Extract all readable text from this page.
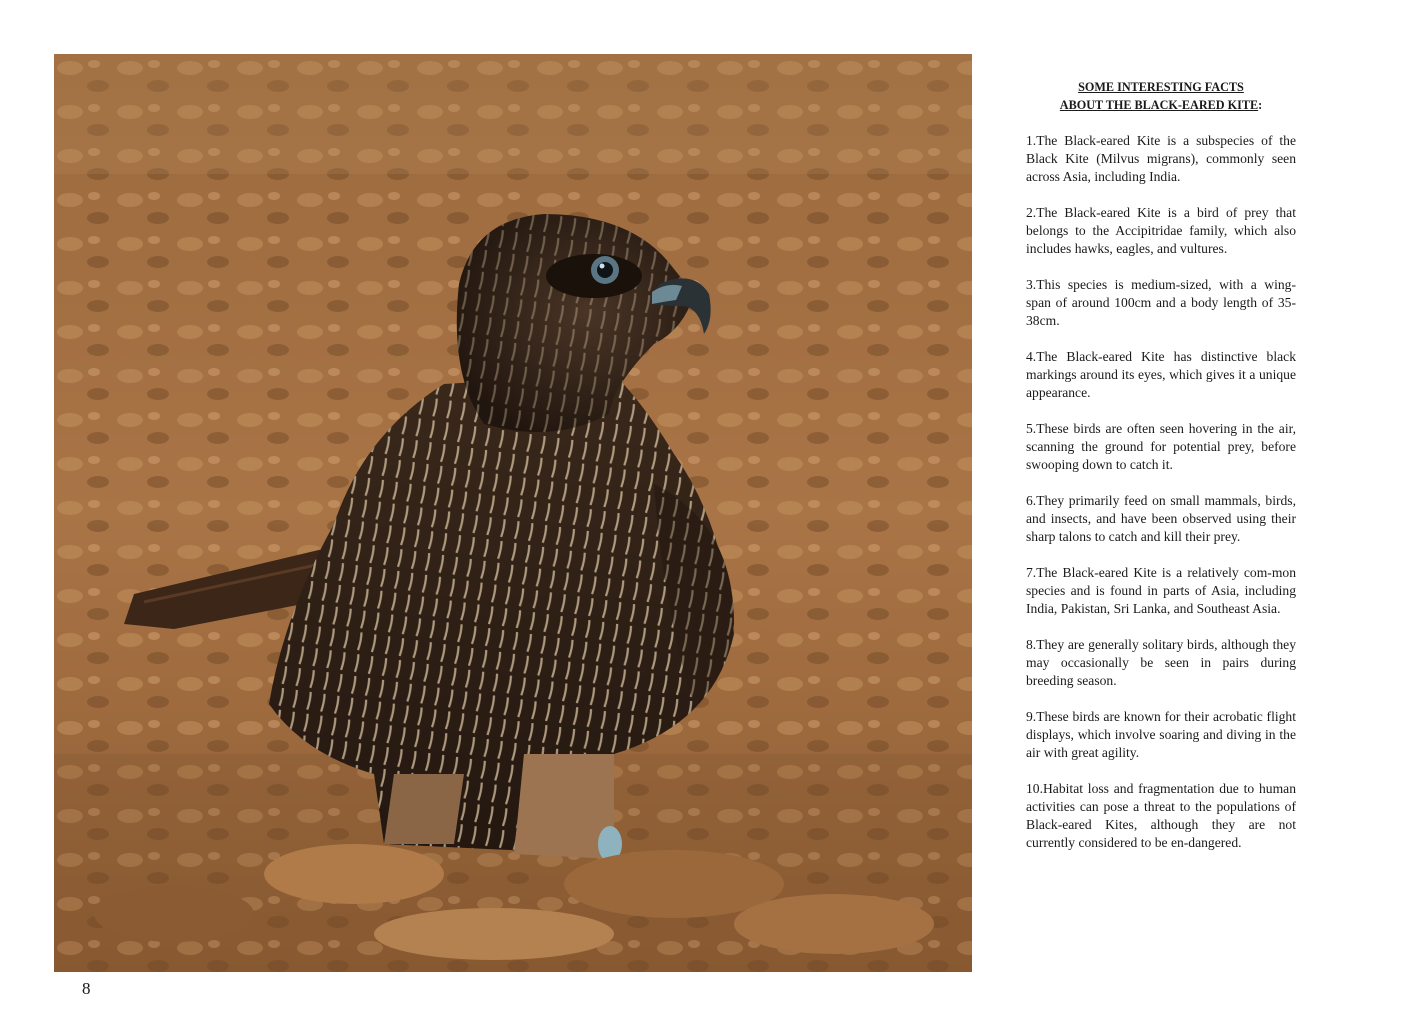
SOME INTERESTING FACTS
ABOUT THE BLACK-EARED KITE:

1.The Black-eared Kite is a subspecies of the Black Kite (Milvus migrans), commonly seen across Asia, including India.

2.The Black-eared Kite is a bird of prey that belongs to the Accipitridae family, which also includes hawks, eagles, and vultures.

3.This species is medium-sized, with a wing-span of around 100cm and a body length of 35-38cm.

4.The Black-eared Kite has distinctive black markings around its eyes, which gives it a unique appearance.

5.These birds are often seen hovering in the air, scanning the ground for potential prey, before swooping down to catch it.

6.They primarily feed on small mammals, birds, and insects, and have been observed using their sharp talons to catch and kill their prey.

7.The Black-eared Kite is a relatively com-mon species and is found in parts of Asia, including India, Pakistan, Sri Lanka, and Southeast Asia.

8.They are generally solitary birds, although they may occasionally be seen in pairs during breeding season.

9.These birds are known for their acrobatic flight displays, which involve soaring and diving in the air with great agility.

10.Habitat loss and fragmentation due to human activities can pose a threat to the populations of Black-eared Kites, although they are not currently considered to be en-dangered.

8
